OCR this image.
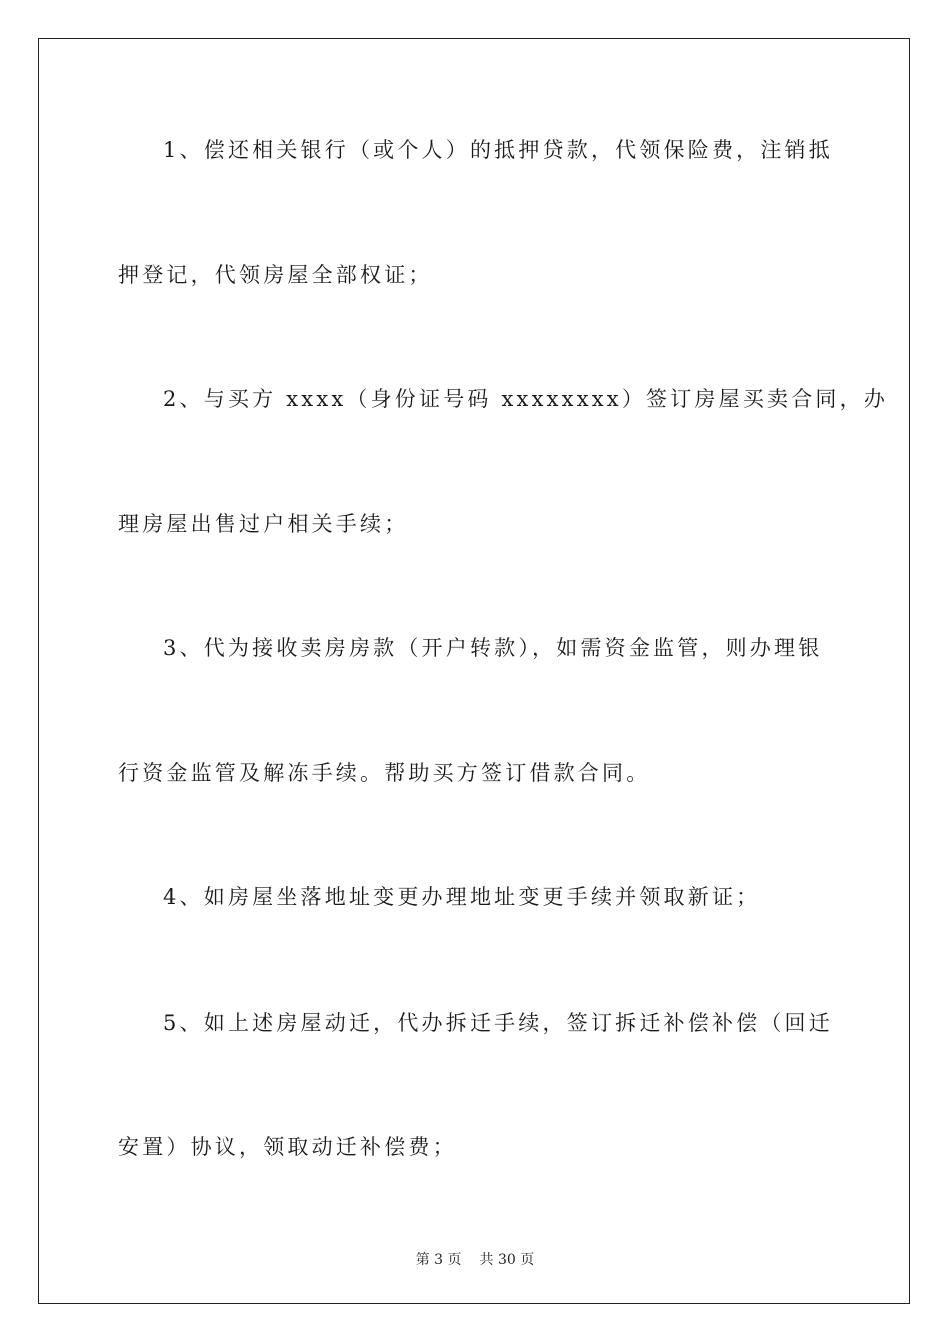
1、偿还相关银行（或个人）的抵押贷款，代领保险费，注销抵
押登记，代领房屋全部权证；
2、与买方 xxxx（身份证号码 xxxxxxxx）签订房屋买卖合同，办
理房屋出售过户相关手续；
3、代为接收卖房房款（开户转款），如需资金监管，则办理银
行资金监管及解冻手续。帮助买方签订借款合同。
4、如房屋坐落地址变更办理地址变更手续并领取新证；
5、如上述房屋动迁，代办拆迁手续，签订拆迁补偿补偿（回迁
安置）协议，领取动迁补偿费；
第 3 页 共 30 页
